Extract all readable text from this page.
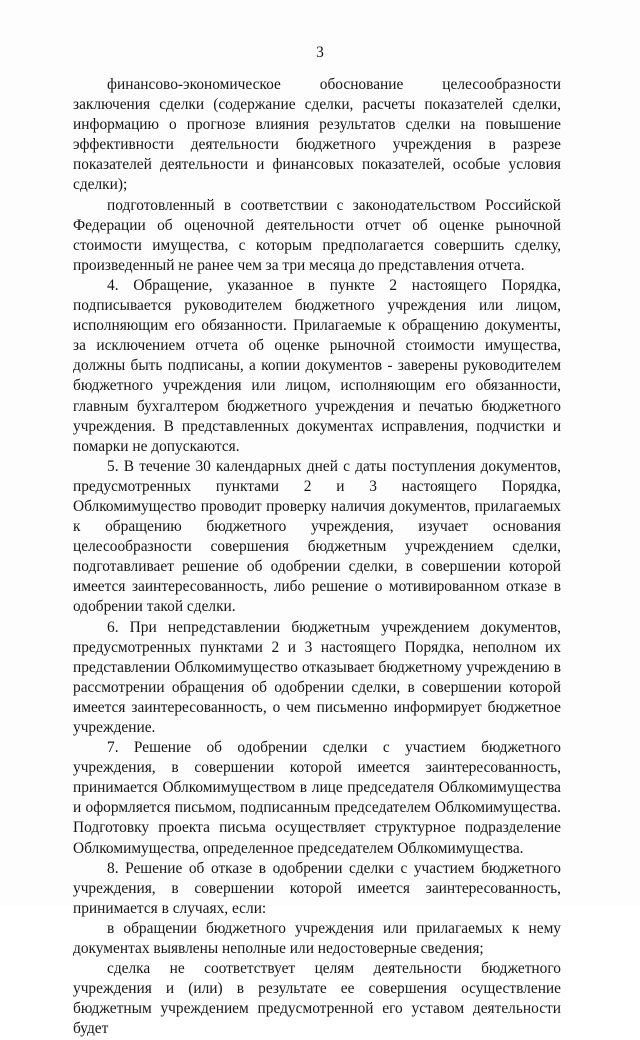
3

финансово-экономическое обоснование целесообразности заключения сделки (содержание сделки, расчеты показателей сделки, информацию о прогнозе влияния результатов сделки на повышение эффективности деятельности бюджетного учреждения в разрезе показателей деятельности и финансовых показателей, особые условия сделки);

подготовленный в соответствии с законодательством Российской Федерации об оценочной деятельности отчет об оценке рыночной стоимости имущества, с которым предполагается совершить сделку, произведенный не ранее чем за три месяца до представления отчета.

4. Обращение, указанное в пункте 2 настоящего Порядка, подписывается руководителем бюджетного учреждения или лицом, исполняющим его обязанности. Прилагаемые к обращению документы, за исключением отчета об оценке рыночной стоимости имущества, должны быть подписаны, а копии документов - заверены руководителем бюджетного учреждения или лицом, исполняющим его обязанности, главным бухгалтером бюджетного учреждения и печатью бюджетного учреждения. В представленных документах исправления, подчистки и помарки не допускаются.

5. В течение 30 календарных дней с даты поступления документов, предусмотренных пунктами 2 и 3 настоящего Порядка, Облкомимущество проводит проверку наличия документов, прилагаемых к обращению бюджетного учреждения, изучает основания целесообразности совершения бюджетным учреждением сделки, подготавливает решение об одобрении сделки, в совершении которой имеется заинтересованность, либо решение о мотивированном отказе в одобрении такой сделки.

6. При непредставлении бюджетным учреждением документов, предусмотренных пунктами 2 и 3 настоящего Порядка, неполном их представлении Облкомимущество отказывает бюджетному учреждению в рассмотрении обращения об одобрении сделки, в совершении которой имеется заинтересованность, о чем письменно информирует бюджетное учреждение.

7. Решение об одобрении сделки с участием бюджетного учреждения, в совершении которой имеется заинтересованность, принимается Облкомимуществом в лице председателя Облкомимущества и оформляется письмом, подписанным председателем Облкомимущества. Подготовку проекта письма осуществляет структурное подразделение Облкомимущества, определенное председателем Облкомимущества.

8. Решение об отказе в одобрении сделки с участием бюджетного учреждения, в совершении которой имеется заинтересованность, принимается в случаях, если:

в обращении бюджетного учреждения или прилагаемых к нему документах выявлены неполные или недостоверные сведения;

сделка не соответствует целям деятельности бюджетного учреждения и (или) в результате ее совершения осуществление бюджетным учреждением предусмотренной его уставом деятельности будет
